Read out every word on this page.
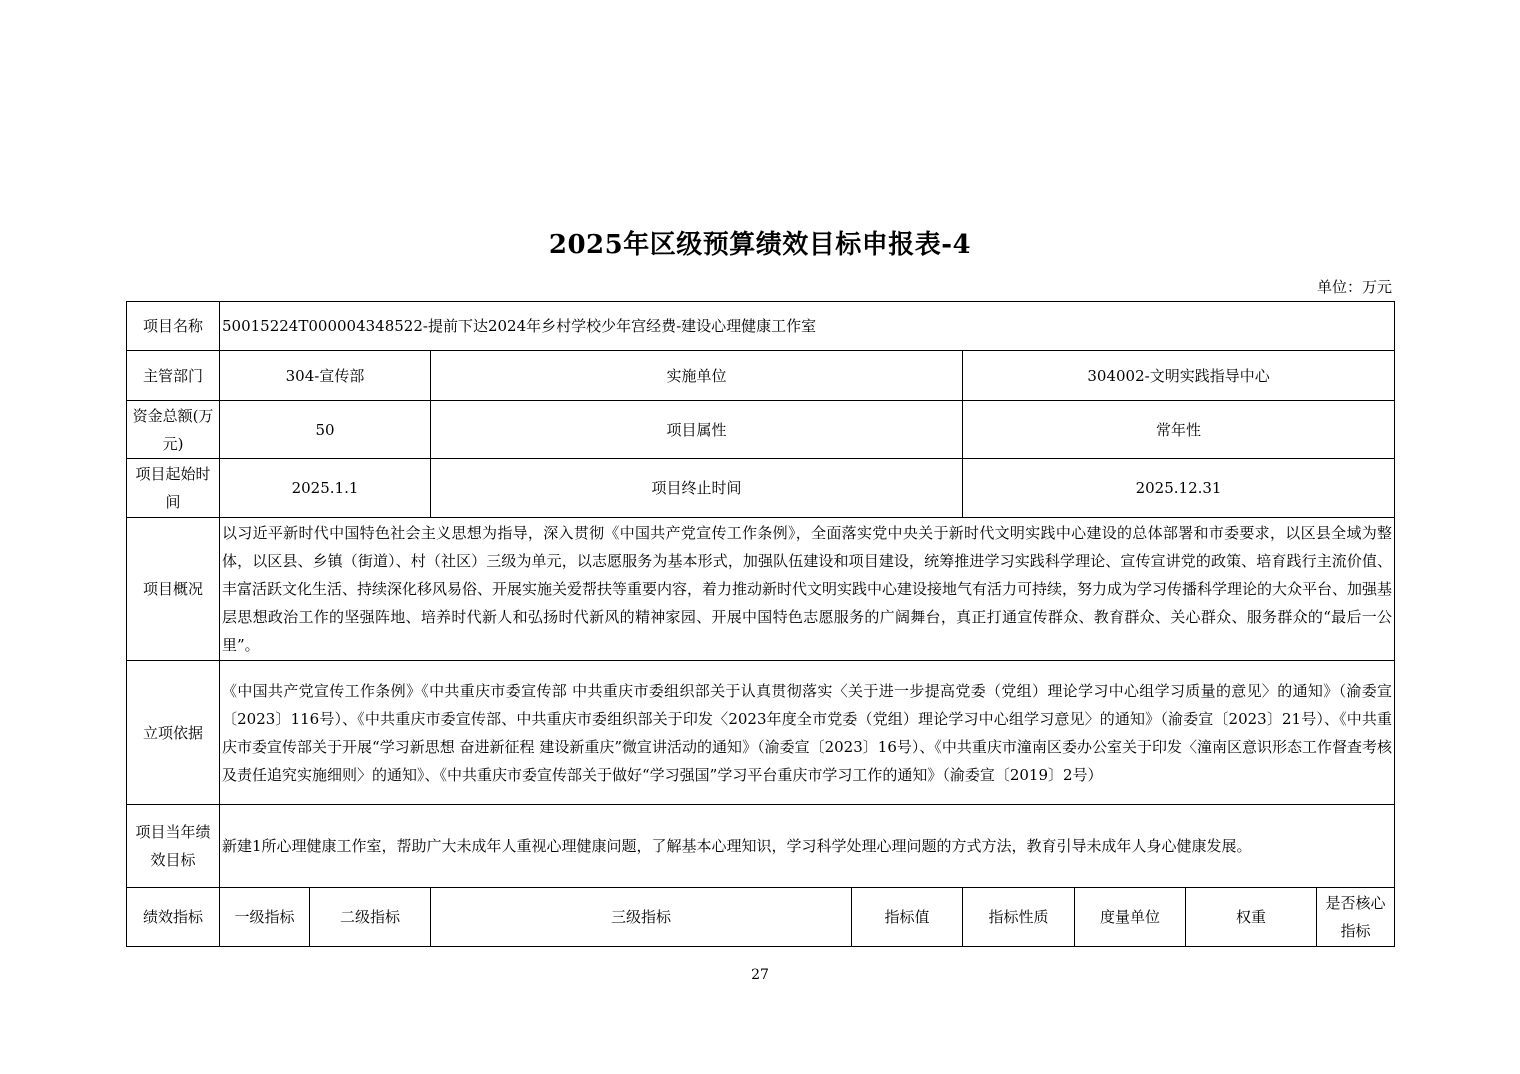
2025年区级预算绩效目标申报表-4
单位：万元
项目名称	50015224T000004348522-提前下达2024年乡村学校少年宫经费-建设心理健康工作室							
主管部门	304-宣传部		实施单位		304002-文明实践指导中心			
资金总额(万元)	50		项目属性		常年性			
项目起始时间	2025.1.1		项目终止时间		2025.12.31			
项目概况	以习近平新时代中国特色社会主义思想为指导，深入贯彻《中国共产党宣传工作条例》，全面落实党中央关于新时代文明实践中心建设的总体部署和市委要求，以区县全域为整体，以区县、乡镇（街道）、村（社区）三级为单元，以志愿服务为基本形式，加强队伍建设和项目建设，统筹推进学习实践科学理论、宣传宣讲党的政策、培育践行主流价值、丰富活跃文化生活、持续深化移风易俗、开展实施关爱帮扶等重要内容，着力推动新时代文明实践中心建设接地气有活力可持续，努力成为学习传播科学理论的大众平台、加强基层思想政治工作的坚强阵地、培养时代新人和弘扬时代新风的精神家园、开展中国特色志愿服务的广阔舞台，真正打通宣传群众、教育群众、关心群众、服务群众的“最后一公里”。							
立项依据	《中国共产党宣传工作条例》《中共重庆市委宣传部 中共重庆市委组织部关于认真贯彻落实〈关于进一步提高党委（党组）理论学习中心组学习质量的意见〉的通知》（渝委宣〔2023〕116号）、《中共重庆市委宣传部、中共重庆市委组织部关于印发〈2023年度全市党委（党组）理论学习中心组学习意见〉的通知》（渝委宣〔2023〕21号）、《中共重庆市委宣传部关于开展“学习新思想 奋进新征程 建设新重庆”微宣讲活动的通知》（渝委宣〔2023〕16号）、《中共重庆市潼南区委办公室关于印发〈潼南区意识形态工作督查考核及责任追究实施细则〉的通知》、《中共重庆市委宣传部关于做好“学习强国”学习平台重庆市学习工作的通知》（渝委宣〔2019〕2号）							
项目当年绩效目标	新建1所心理健康工作室，帮助广大未成年人重视心理健康问题，了解基本心理知识，学习科学处理心理问题的方式方法，教育引导未成年人身心健康发展。							
绩效指标	一级指标	二级指标	三级指标	指标值	指标性质	度量单位	权重	是否核心指标
27
